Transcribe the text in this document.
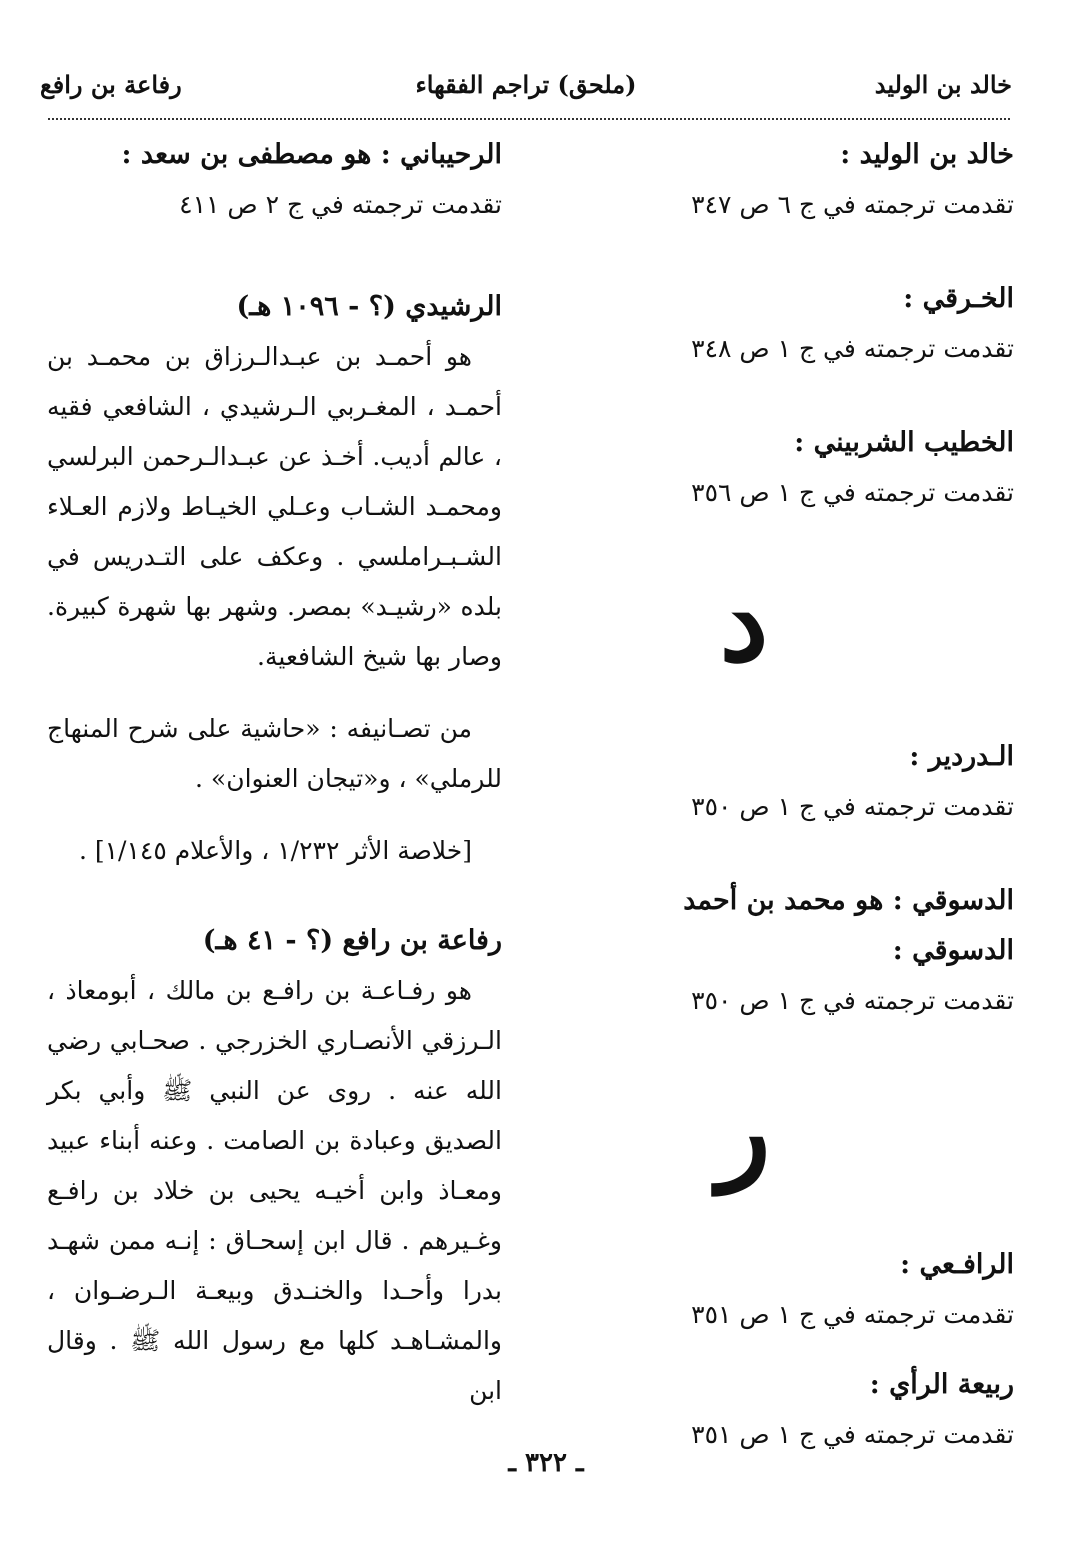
خالد بن الوليد
(ملحق) تراجم الفقهاء
رفاعة بن رافع
خالد بن الوليد :
تقدمت ترجمته في ج ٦ ص ٣٤٧
الخـرقي :
تقدمت ترجمته في ج ١ ص ٣٤٨
الخطيب الشربيني :
تقدمت ترجمته في ج ١ ص ٣٥٦
د
الـدردير :
تقدمت ترجمته في ج ١ ص ٣٥٠
الدسوقي : هو محمد بن أحمد الدسوقي :
تقدمت ترجمته في ج ١ ص ٣٥٠
ر
الرافـعي :
تقدمت ترجمته في ج ١ ص ٣٥١
ربيعة الرأي :
تقدمت ترجمته في ج ١ ص ٣٥١
الرحيباني : هو مصطفى بن سعد :
تقدمت ترجمته في ج ٢ ص ٤١١
الرشيدي (؟ - ١٠٩٦ هـ)
هو أحمـد بن عبـدالـرزاق بن محمـد بن أحمـد ، المغـربي الـرشيدي ، الشافعي فقيه ، عالم أديب. أخـذ عن عبـدالـرحمن البرلسي ومحمـد الشـاب وعـلي الخيـاط ولازم العـلاء الشـبـراملسي . وعكف على التـدريس في بلده «رشيـد» بمصر. وشهر بها شهرة كبيرة. وصار بها شيخ الشافعية.
من تصـانيفه : «حاشية على شرح المنهاج للرملي» ، و«تيجان العنوان» .
[خلاصة الأثر ١/٢٣٢ ، والأعلام ١/١٤٥] .
رفاعة بن رافع (؟ - ٤١ هـ)
هو رفـاعـة بن رافـع بن مالك ، أبومعاذ ، الـرزقي الأنصـاري الخزرجي . صحـابي رضي الله عنه . روى عن النبي ﷺ وأبي بكر الصديق وعبادة بن الصامت . وعنه أبناء عبيد ومعـاذ وابن أخيـه يحيى بن خلاد بن رافـع وغـيرهم . قال ابن إسحـاق : إنـه ممن شهـد بدرا وأحـدا والخنـدق وبيعـة الـرضـوان ، والمشـاهـد كلها مع رسول الله ﷺ . وقال ابن
ـ ٣٢٢ ـ
